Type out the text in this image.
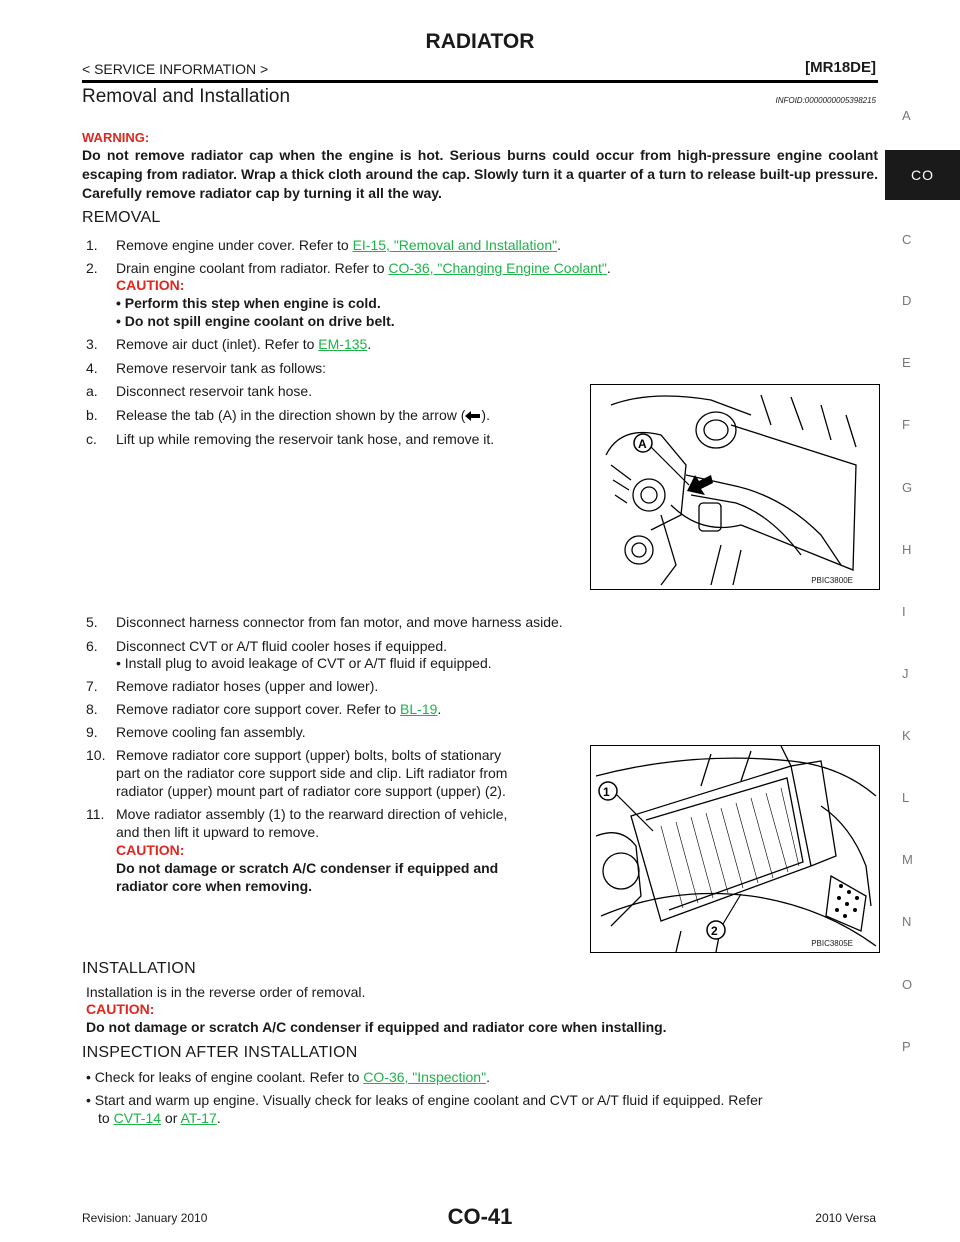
RADIATOR
< SERVICE INFORMATION >	[MR18DE]
Removal and Installation	INFOID:0000000005398215
WARNING:
Do not remove radiator cap when the engine is hot. Serious burns could occur from high-pressure engine coolant escaping from radiator. Wrap a thick cloth around the cap. Slowly turn it a quarter of a turn to release built-up pressure. Carefully remove radiator cap by turning it all the way.
REMOVAL
1. Remove engine under cover. Refer to EI-15, "Removal and Installation".
2. Drain engine coolant from radiator. Refer to CO-36, "Changing Engine Coolant".
CAUTION:
• Perform this step when engine is cold.
• Do not spill engine coolant on drive belt.
3. Remove air duct (inlet). Refer to EM-135.
4. Remove reservoir tank as follows:
a. Disconnect reservoir tank hose.
b. Release the tab (A) in the direction shown by the arrow ( ).
c. Lift up while removing the reservoir tank hose, and remove it.	A
PBIC3800E
5. Disconnect harness connector from fan motor, and move harness aside.
6. Disconnect CVT or A/T fluid cooler hoses if equipped.
• Install plug to avoid leakage of CVT or A/T fluid if equipped.
7. Remove radiator hoses (upper and lower).
8. Remove radiator core support cover. Refer to BL-19.
9. Remove cooling fan assembly.
10. Remove radiator core support (upper) bolts, bolts of stationary
part on the radiator core support side and clip. Lift radiator from
radiator (upper) mount part of radiator core support (upper) (2).
11. Move radiator assembly (1) to the rearward direction of vehicle,
and then lift it upward to remove.
CAUTION:
Do not damage or scratch A/C condenser if equipped and
radiator core when removing.
1
2
PBIC3805E
INSTALLATION
Installation is in the reverse order of removal.
CAUTION:
Do not damage or scratch A/C condenser if equipped and radiator core when installing.
INSPECTION AFTER INSTALLATION
• Check for leaks of engine coolant. Refer to CO-36, "Inspection".
• Start and warm up engine. Visually check for leaks of engine coolant and CVT or A/T fluid if equipped. Refer
to CVT-14 or AT-17.
CO
A
C
D
E
F
G
H
I
J
K
L
M
N
O
P
Revision: January 2010	CO-41	2010 Versa
